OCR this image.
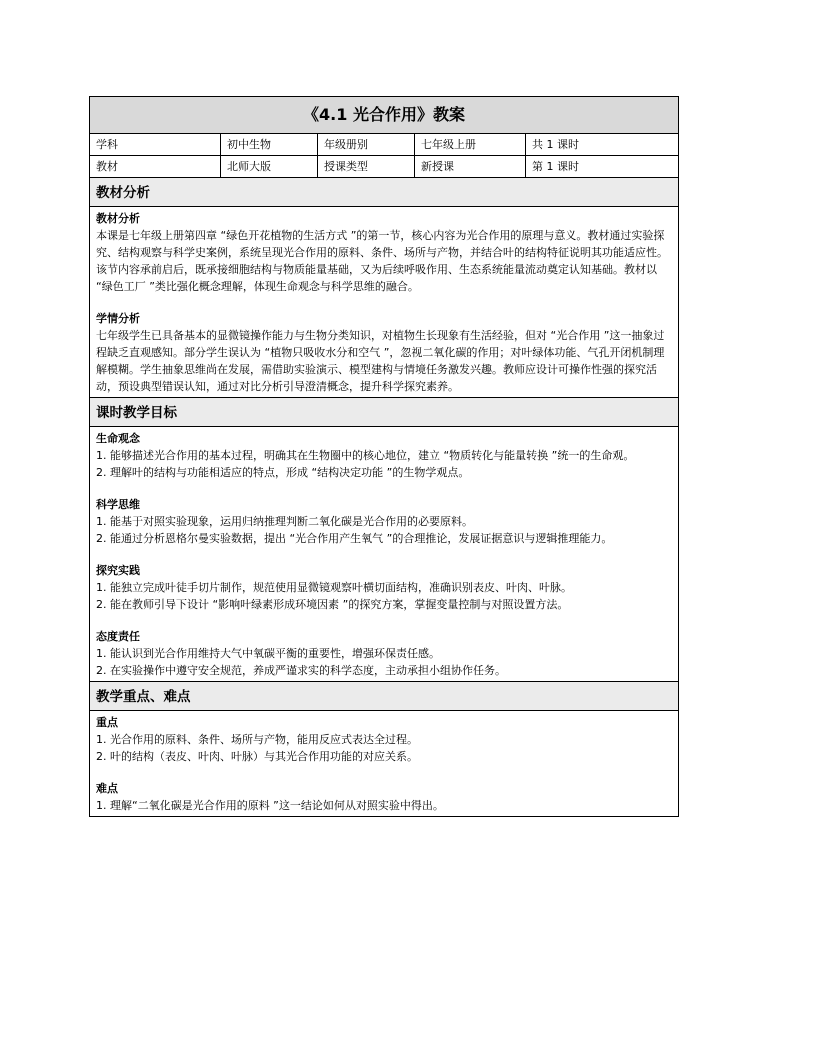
《4.1 光合作用》教案
学科	初中生物	年级册别	七年级上册	共 1 课时
教材	北师大版	授课类型	新授课	第 1 课时
教材分析
教材分析

本课是七年级上册第四章 “绿色开花植物的生活方式 ”的第一节，核心内容为光合作用的原理与意义。教材通过实验探究、结构观察与科学史案例，系统呈现光合作用的原料、条件、场所与产物，并结合叶的结构特征说明其功能适应性。该节内容承前启后，既承接细胞结构与物质能量基础，又为后续呼吸作用、生态系统能量流动奠定认知基础。教材以 “绿色工厂 ”类比强化概念理解，体现生命观念与科学思维的融合。

学情分析

七年级学生已具备基本的显微镜操作能力与生物分类知识，对植物生长现象有生活经验，但对 “光合作用 ”这一抽象过程缺乏直观感知。部分学生误认为 “植物只吸收水分和空气 ”，忽视二氧化碳的作用；对叶绿体功能、气孔开闭机制理解模糊。学生抽象思维尚在发展，需借助实验演示、模型建构与情境任务激发兴趣。教师应设计可操作性强的探究活动，预设典型错误认知，通过对比分析引导澄清概念，提升科学探究素养。

课时教学目标
生命观念

1. 能够描述光合作用的基本过程，明确其在生物圈中的核心地位，建立 “物质转化与能量转换 ”统一的生命观。

2. 理解叶的结构与功能相适应的特点，形成 “结构决定功能 ”的生物学观点。

科学思维

1. 能基于对照实验现象，运用归纳推理判断二氧化碳是光合作用的必要原料。

2. 能通过分析恩格尔曼实验数据，提出 “光合作用产生氧气 ”的合理推论，发展证据意识与逻辑推理能力。

探究实践

1. 能独立完成叶徒手切片制作，规范使用显微镜观察叶横切面结构，准确识别表皮、叶肉、叶脉。

2. 能在教师引导下设计 “影响叶绿素形成环境因素 ”的探究方案，掌握变量控制与对照设置方法。

态度责任

1. 能认识到光合作用维持大气中氧碳平衡的重要性，增强环保责任感。

2. 在实验操作中遵守安全规范，养成严谨求实的科学态度，主动承担小组协作任务。

教学重点、难点
重点

1. 光合作用的原料、条件、场所与产物，能用反应式表达全过程。

2. 叶的结构（表皮、叶肉、叶脉）与其光合作用功能的对应关系。

难点

1. 理解“二氧化碳是光合作用的原料 ”这一结论如何从对照实验中得出。
